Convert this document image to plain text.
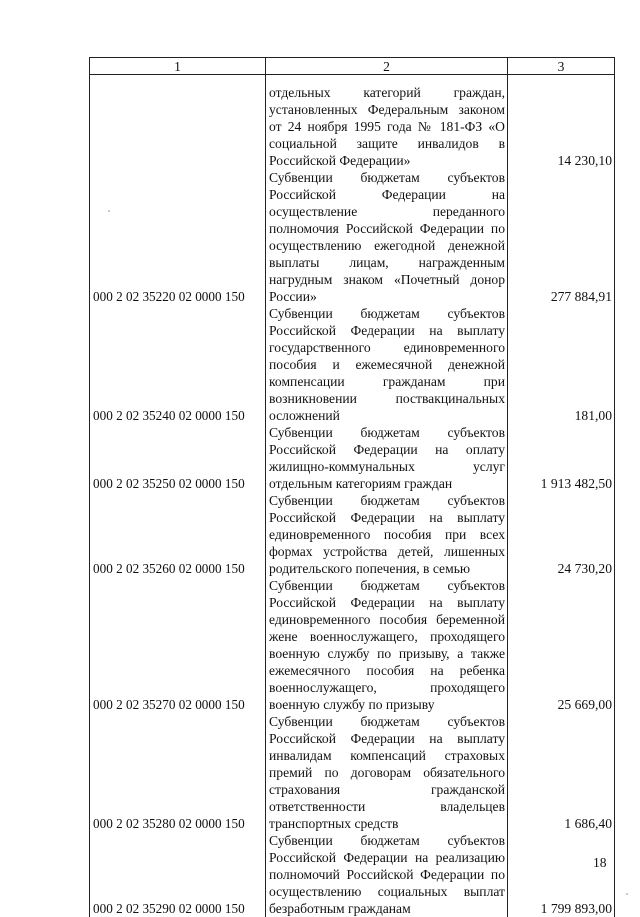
1	2	3
	отдельных категорий граждан, установленных Федеральным законом от 24 ноября 1995 года № 181-ФЗ «О социальной защите инвалидов в Российской Федерации»	14 230,10
000 2 02 35220 02 0000 150	Субвенции бюджетам субъектов Российской Федерации на осуществление переданного полномочия Российской Федерации по осуществлению ежегодной денежной выплаты лицам, награжденным нагрудным знаком «Почетный донор России»	277 884,91
000 2 02 35240 02 0000 150	Субвенции бюджетам субъектов Российской Федерации на выплату государственного единовременного пособия и ежемесячной денежной компенсации гражданам при возникновении поствакцинальных осложнений	181,00
000 2 02 35250 02 0000 150	Субвенции бюджетам субъектов Российской Федерации на оплату жилищно-коммунальных услуг отдельным категориям граждан	1 913 482,50
000 2 02 35260 02 0000 150	Субвенции бюджетам субъектов Российской Федерации на выплату единовременного пособия при всех формах устройства детей, лишенных родительского попечения, в семью	24 730,20
000 2 02 35270 02 0000 150	Субвенции бюджетам субъектов Российской Федерации на выплату единовременного пособия беременной жене военнослужащего, проходящего военную службу по призыву, а также ежемесячного пособия на ребенка военнослужащего, проходящего военную службу по призыву	25 669,00
000 2 02 35280 02 0000 150	Субвенции бюджетам субъектов Российской Федерации на выплату инвалидам компенсаций страховых премий по договорам обязательного страхования гражданской ответственности владельцев транспортных средств	1 686,40
000 2 02 35290 02 0000 150	Субвенции бюджетам субъектов Российской Федерации на реализацию полномочий Российской Федерации по осуществлению социальных выплат безработным гражданам	1 799 893,00
18
